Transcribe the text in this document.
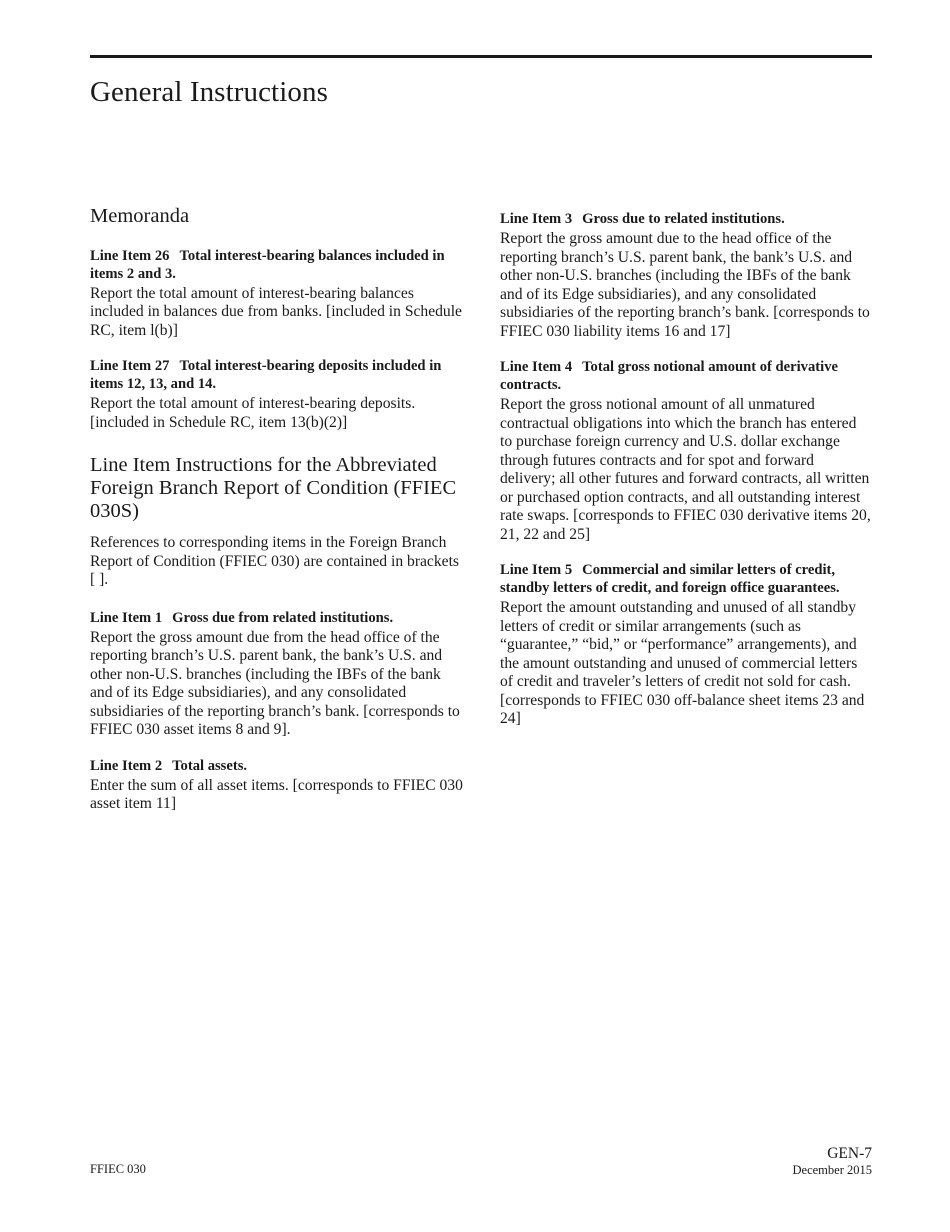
General Instructions
Memoranda

Line Item 26 Total interest-bearing balances included in items 2 and 3.

Report the total amount of interest-bearing balances included in balances due from banks. [included in Schedule RC, item l(b)]

Line Item 27 Total interest-bearing deposits included in items 12, 13, and 14.

Report the total amount of interest-bearing deposits. [included in Schedule RC, item 13(b)(2)]

Line Item Instructions for the Abbreviated Foreign Branch Report of Condition (FFIEC 030S)

References to corresponding items in the Foreign Branch Report of Condition (FFIEC 030) are contained in brackets [ ].

Line Item 1 Gross due from related institutions.

Report the gross amount due from the head office of the reporting branch’s U.S. parent bank, the bank’s U.S. and other non-U.S. branches (including the IBFs of the bank and of its Edge subsidiaries), and any consolidated subsidiaries of the reporting branch’s bank. [corresponds to FFIEC 030 asset items 8 and 9].

Line Item 2 Total assets.

Enter the sum of all asset items. [corresponds to FFIEC 030 asset item 11]

Line Item 3 Gross due to related institutions.

Report the gross amount due to the head office of the reporting branch’s U.S. parent bank, the bank’s U.S. and other non-U.S. branches (including the IBFs of the bank and of its Edge subsidiaries), and any consolidated subsidiaries of the reporting branch’s bank. [corresponds to FFIEC 030 liability items 16 and 17]

Line Item 4 Total gross notional amount of derivative contracts.

Report the gross notional amount of all unmatured contractual obligations into which the branch has entered to purchase foreign currency and U.S. dollar exchange through futures contracts and for spot and forward delivery; all other futures and forward contracts, all written or purchased option contracts, and all outstanding interest rate swaps. [corresponds to FFIEC 030 derivative items 20, 21, 22 and 25]

Line Item 5 Commercial and similar letters of credit, standby letters of credit, and foreign office guarantees.

Report the amount outstanding and unused of all standby letters of credit or similar arrangements (such as “guarantee,” “bid,” or “performance” arrangements), and the amount outstanding and unused of commercial letters of credit and traveler’s letters of credit not sold for cash. [corresponds to FFIEC 030 off-balance sheet items 23 and 24]

FFIEC 030
GEN-7
December 2015
